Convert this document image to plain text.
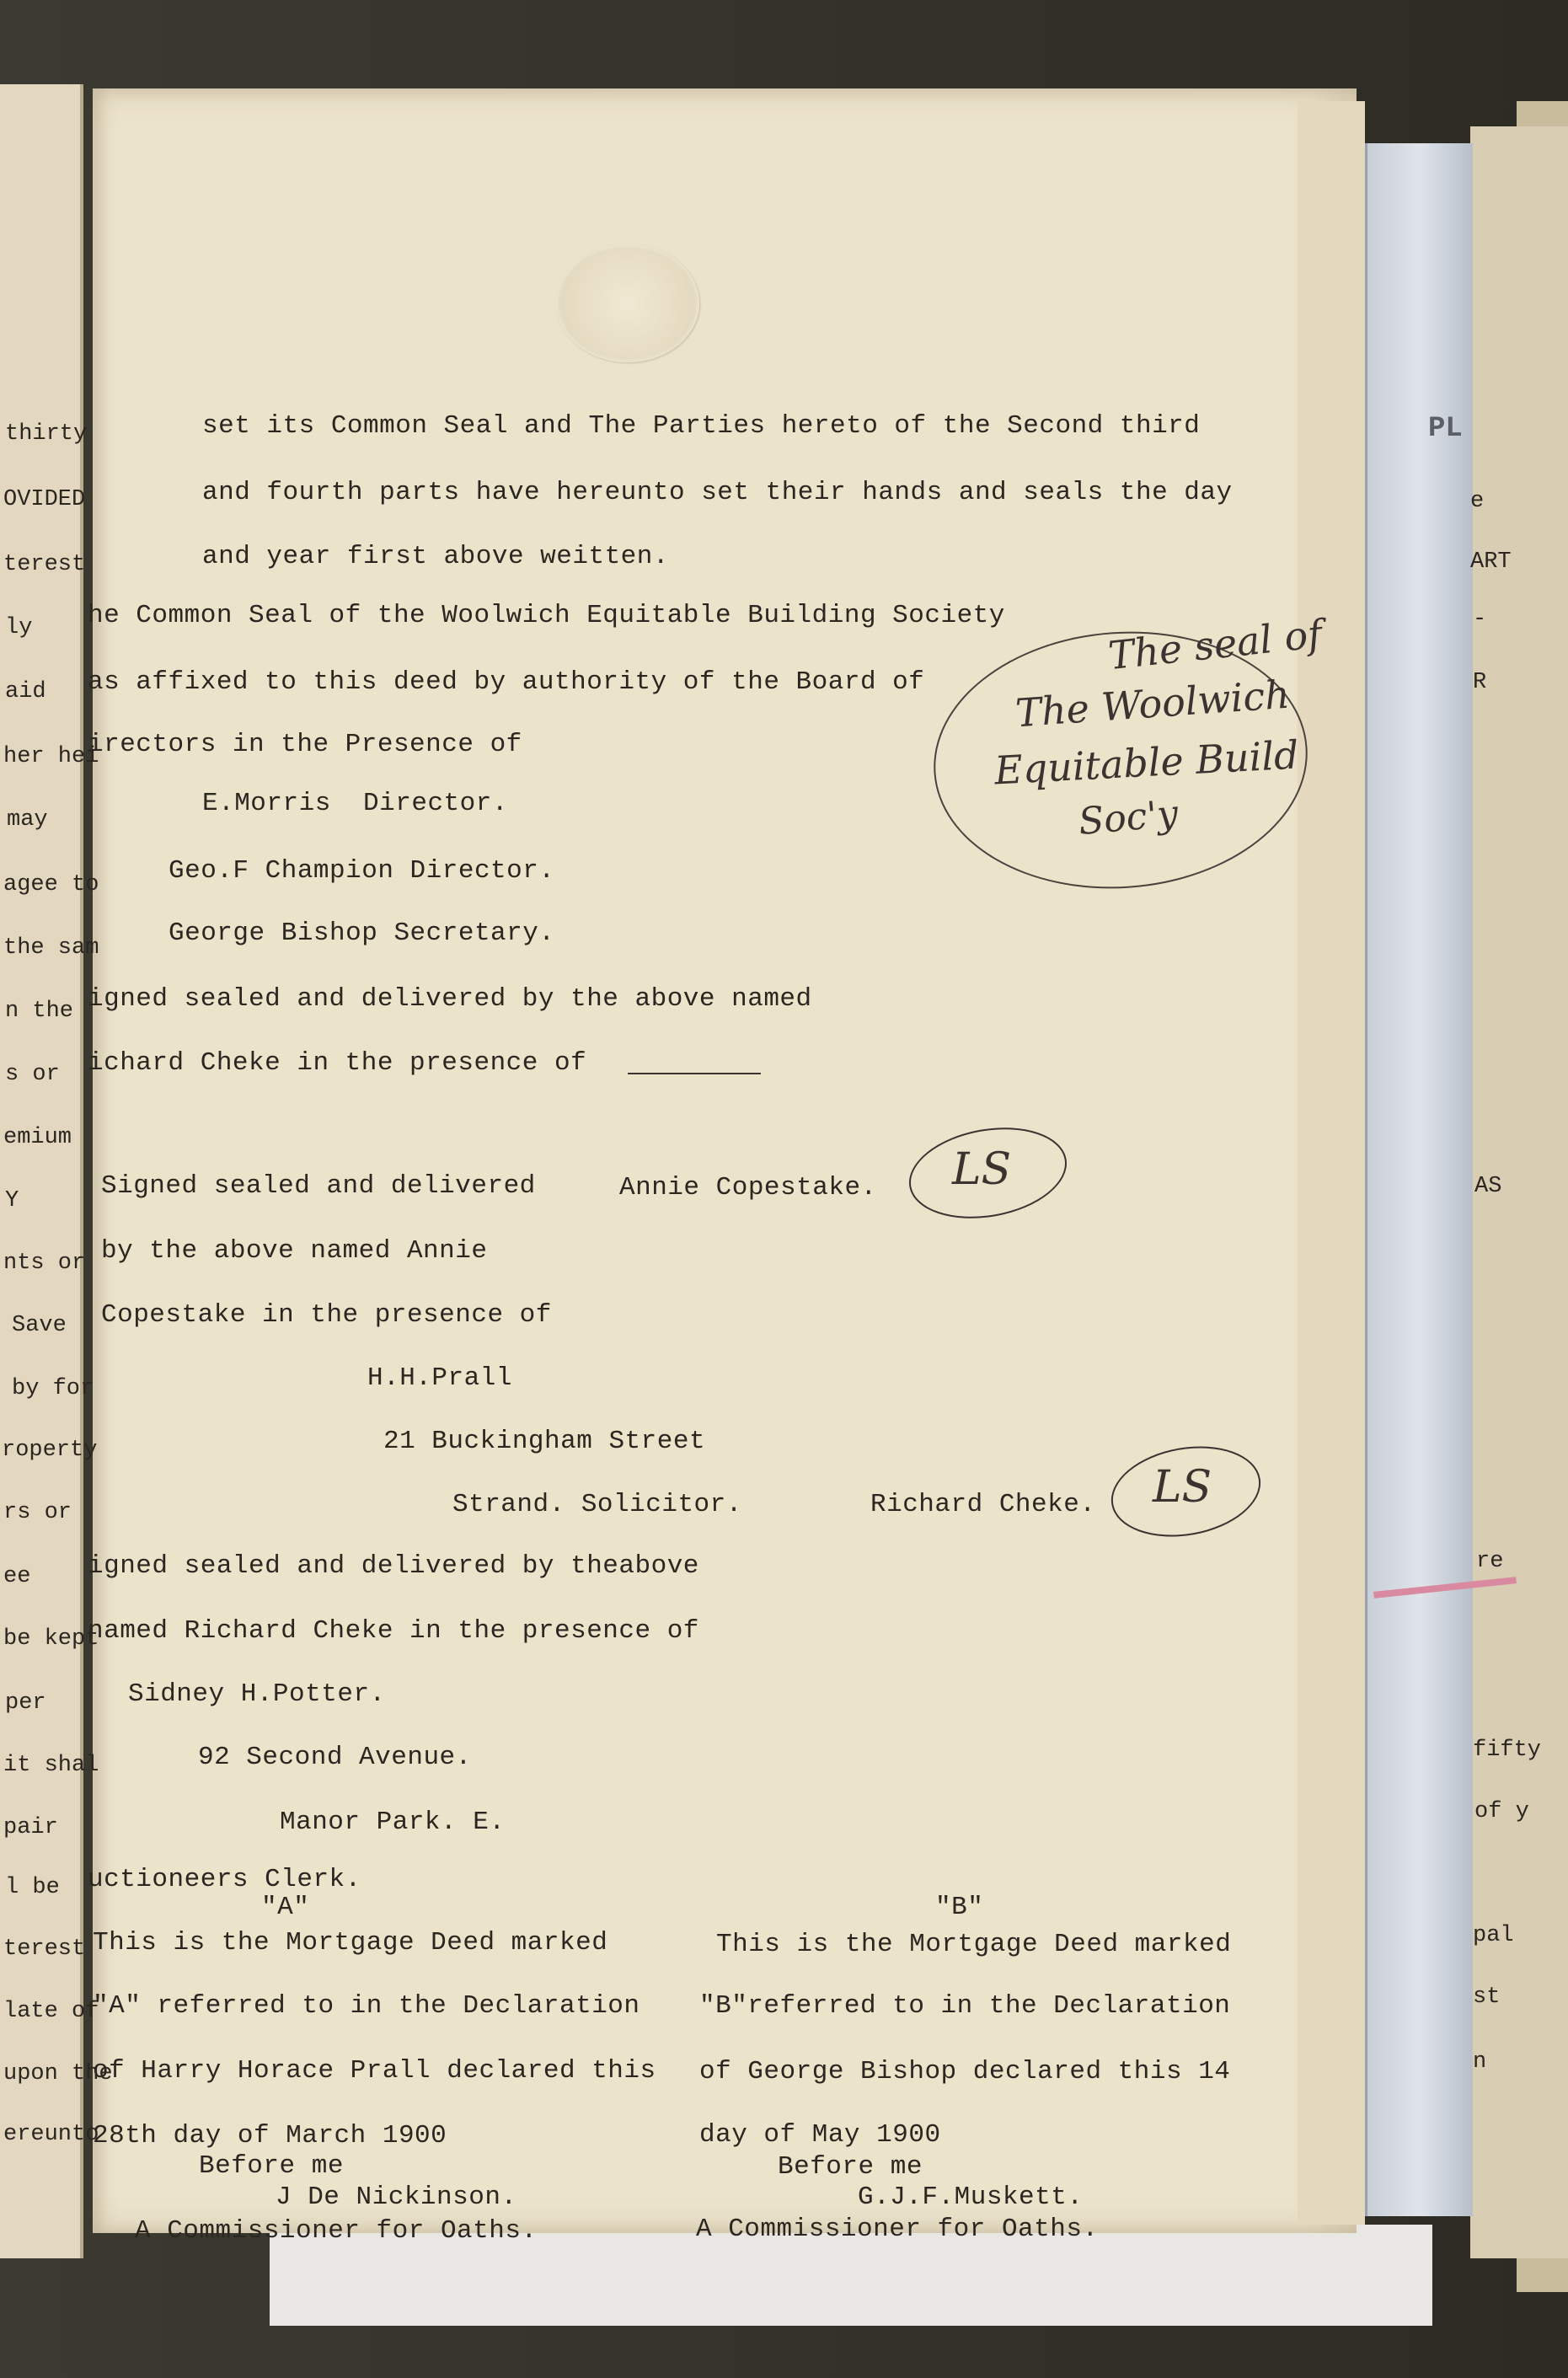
thirty
OVIDED
terest
ly
aid
her hei
may
agee to
the sam
n the
s or
emium
Y
nts or
Save
by for
roperty
rs or
ee
be kept
per
it shal
pair
l be
terest
late of
upon the
ereunto
PL
e
ART
-
R
AS
re
fifty
of y
pal
st
n
set its Common Seal and The Parties hereto of the Second third
and fourth parts have hereunto set their hands and seals the day
and year first above weitten.
he Common Seal of the Woolwich Equitable Building Society
as affixed to this deed by authority of the Board of
irectors in the Presence of
E.Morris  Director.
Geo.F Champion Director.
George Bishop Secretary.
igned sealed and delivered by the above named
ichard Cheke in the presence of
Signed sealed and delivered
by the above named Annie
Copestake in the presence of
Annie Copestake.
H.H.Prall
21 Buckingham Street
Strand. Solicitor.	Richard Cheke.
igned sealed and delivered by theabove
named Richard Cheke in the presence of
Sidney H.Potter.
92 Second Avenue.
Manor Park. E.
uctioneers Clerk.
The seal of
The Woolwich
Equitable Build
Soc'y
LS
LS
"A"
This is the Mortgage Deed marked
"A" referred to in the Declaration
of Harry Horace Prall declared this
28th day of March 1900
Before me
J De Nickinson.
A Commissioner for Oaths.
"B"
This is the Mortgage Deed marked
"B"referred to in the Declaration
of George Bishop declared this 14
day of May 1900
Before me
G.J.F.Muskett.
A Commissioner for Oaths.
